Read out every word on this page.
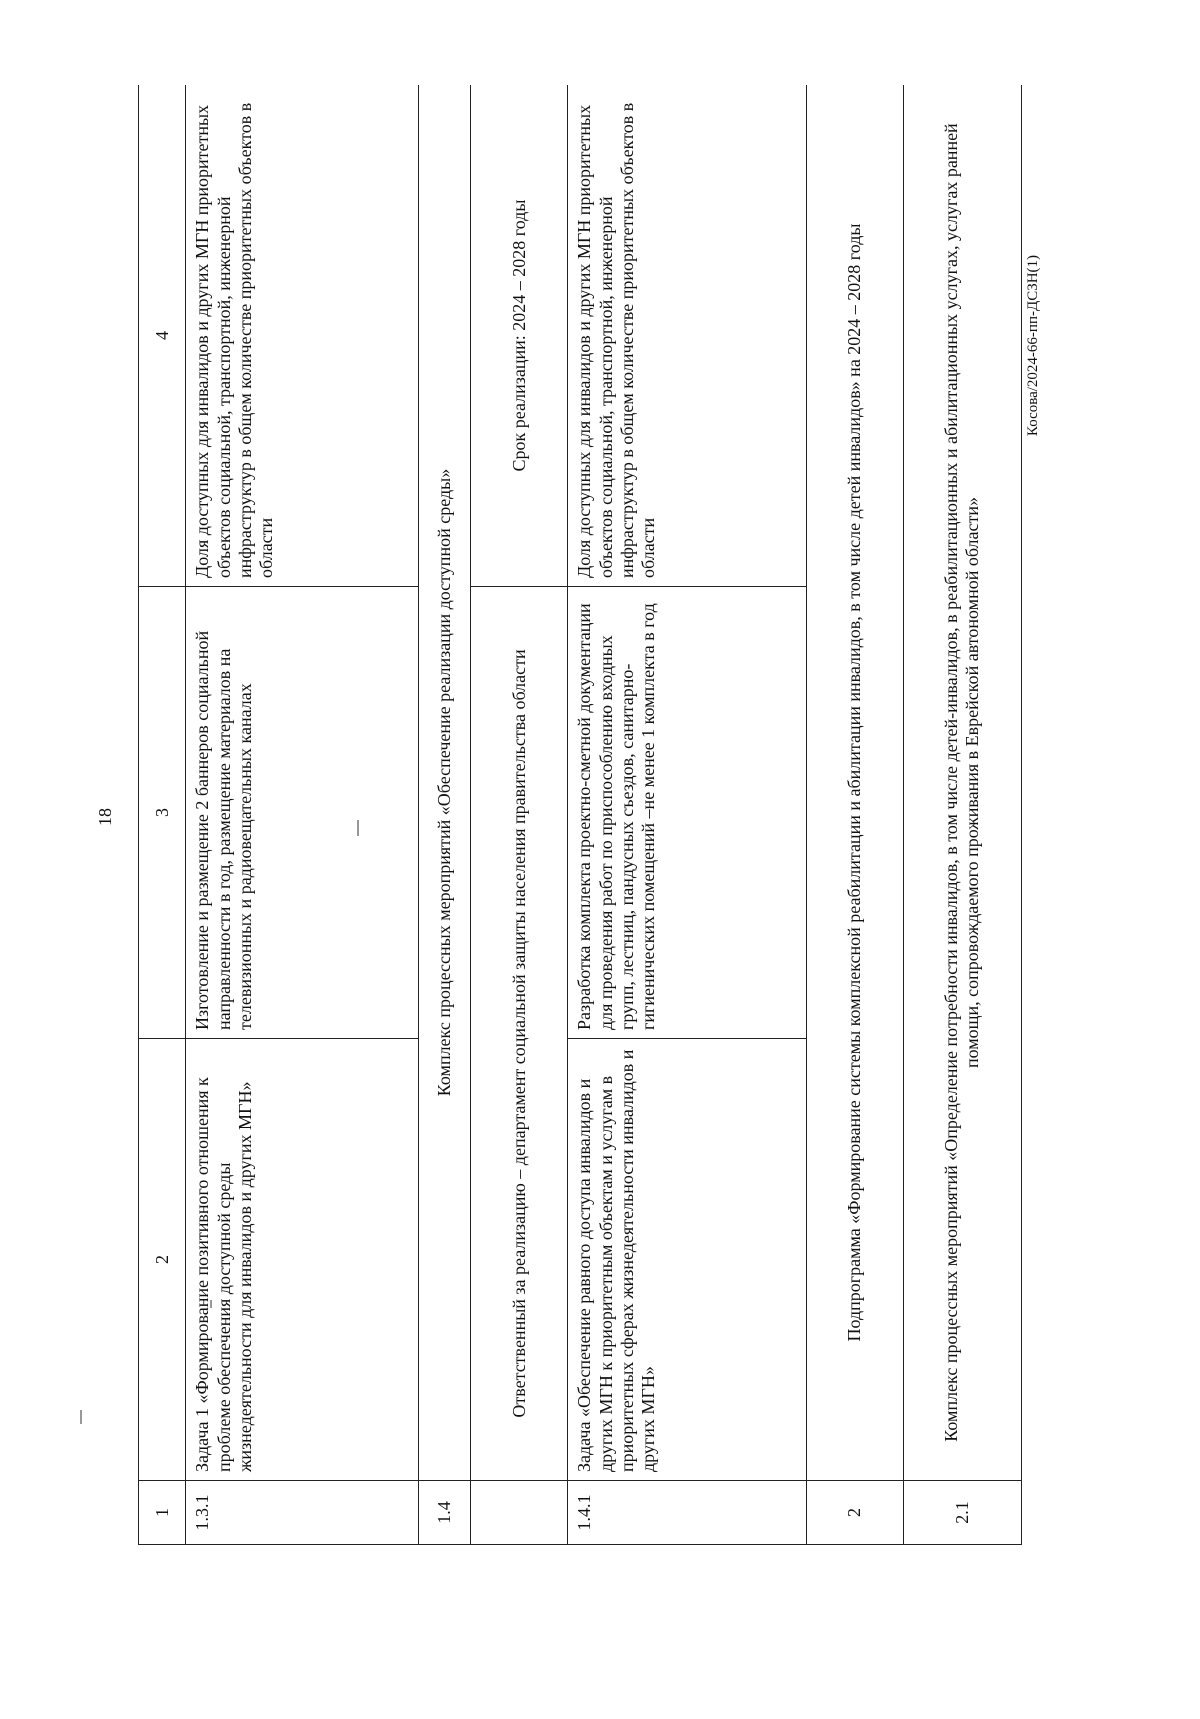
18
Косова/2024-66-пп-ДСЗН(1)
1	2	3	4
1.3.1	Задача 1 «Формирование позитивного отношения к проблеме обеспечения доступной среды жизнедеятельности для инвалидов и других МГН»	Изготовление и размещение 2 баннеров социальной направленности в год, размещение материалов на телевизионных и радиовещательных каналах	Доля доступных для инвалидов и других МГН приоритетных объектов социальной, транспортной, инженерной инфраструктур в общем количестве приоритетных объектов в области
1.4	Комплекс процессных мероприятий «Обеспечение реализации доступной среды»		
	Ответственный за реализацию – департамент социальной защиты населения правительства области		Срок реализации: 2024 – 2028 годы
1.4.1	Задача «Обеспечение равного доступа инвалидов и других МГН к приоритетным объектам и услугам в приоритетных сферах жизнедеятельности инвалидов и других МГН»	Разработка комплекта проектно-сметной документации для проведения работ по приспособлению входных групп, лестниц, пандусных съездов, санитарно-гигиенических помещений –не менее 1 комплекта в год	Доля доступных для инвалидов и других МГН приоритетных объектов социальной, транспортной, инженерной инфраструктур в общем количестве приоритетных объектов в области
2	Подпрограмма «Формирование системы комплексной реабилитации и абилитации инвалидов, в том числе детей инвалидов» на 2024 – 2028 годы		
2.1	Комплекс процессных мероприятий «Определение потребности инвалидов, в том числе детей-инвалидов, в реабилитационных и абилитационных услугах, услугах ранней помощи, сопровождаемого проживания в Еврейской автономной области»		
